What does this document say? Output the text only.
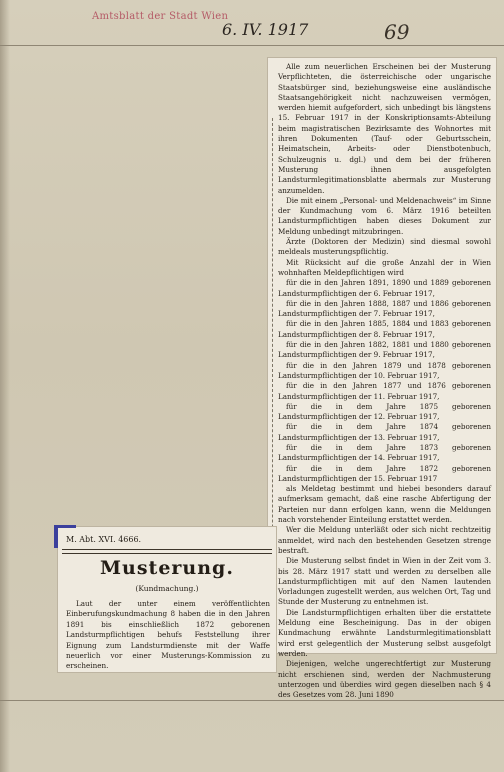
Amtsblatt der Stadt Wien
6. IV. 1917	69

Alle zum neuerlichen Erscheinen bei der Musterung Verpflichteten, die österreichische oder ungarische Staatsbürger sind, beziehungsweise eine ausländische Staatsangehörigkeit nicht nachzuweisen vermögen, werden hiemit aufgefordert, sich unbedingt bis längstens 15. Februar 1917 in der Konskriptionsamts-Abteilung beim magistratischen Bezirksamte des Wohnortes mit ihren Dokumenten (Tauf- oder Geburtsschein, Heimatschein, Arbeits- oder Dienstbotenbuch, Schulzeugnis u. dgl.) und dem bei der früheren Musterung ihnen ausgefolgten Landsturmlegitimationsblatte abermals zur Musterung anzumelden.

Die mit einem „Personal- und Meldenachweis“ im Sinne der Kundmachung vom 6. März 1916 beteilten Landsturmpflichtigen haben dieses Dokument zur Meldung unbedingt mitzubringen.

Ärzte (Doktoren der Medizin) sind diesmal sowohl meldeals musterungspflichtig.

Mit Rücksicht auf die große Anzahl der in Wien wohnhaften Meldepflichtigen wird

für die in den Jahren 1891, 1890 und 1889 geborenen Landsturmpflichtigen der 6. Februar 1917,

für die in den Jahren 1888, 1887 und 1886 geborenen Landsturmpflichtigen der 7. Februar 1917,

für die in den Jahren 1885, 1884 und 1883 geborenen Landsturmpflichtigen der 8. Februar 1917,

für die in den Jahren 1882, 1881 und 1880 geborenen Landsturmpflichtigen der 9. Februar 1917,

für die in den Jahren 1879 und 1878 geborenen Landsturmpflichtigen der 10. Februar 1917,

für die in den Jahren 1877 und 1876 geborenen Landsturmpflichtigen der 11. Februar 1917,

für die in dem Jahre 1875 geborenen Landsturmpflichtigen der 12. Februar 1917,

für die in dem Jahre 1874 geborenen Landsturmpflichtigen der 13. Februar 1917,

für die in dem Jahre 1873 geborenen Landsturmpflichtigen der 14. Februar 1917,

für die in dem Jahre 1872 geborenen Landsturmpflichtigen der 15. Februar 1917

als Meldetag bestimmt und hiebei besonders darauf aufmerksam gemacht, daß eine rasche Abfertigung der Parteien nur dann erfolgen kann, wenn die Meldungen nach vorstehender Einteilung erstattet werden.

Wer die Meldung unterläßt oder sich nicht rechtzeitig anmeldet, wird nach den bestehenden Gesetzen strenge bestraft.

Die Musterung selbst findet in Wien in der Zeit vom 3. bis 28. März 1917 statt und werden zu derselben alle Landsturmpflichtigen mit auf den Namen lautenden Vorladungen zugestellt werden, aus welchen Ort, Tag und Stunde der Musterung zu entnehmen ist.

Die Landsturmpflichtigen erhalten über die erstattete Meldung eine Bescheinigung. Das in der obigen Kundmachung erwähnte Landsturmlegitimationsblatt wird erst gelegentlich der Musterung selbst ausgefolgt werden.

Diejenigen, welche ungerechtfertigt zur Musterung nicht erschienen sind, werden der Nachmusterung unterzogen und überdies wird gegen dieselben nach § 4 des Gesetzes vom 28. Juni 1890

M. Abt. XVI. 4666.
Musterung.
(Kundmachung.)

Laut der unter einem veröffentlichten Einberufungskundmachung 8 haben die in den Jahren 1891 bis einschließlich 1872 geborenen Landsturmpflichtigen behufs Feststellung ihrer Eignung zum Landsturmdienste mit der Waffe neuerlich vor einer Musterungs-Kommission zu erscheinen.
